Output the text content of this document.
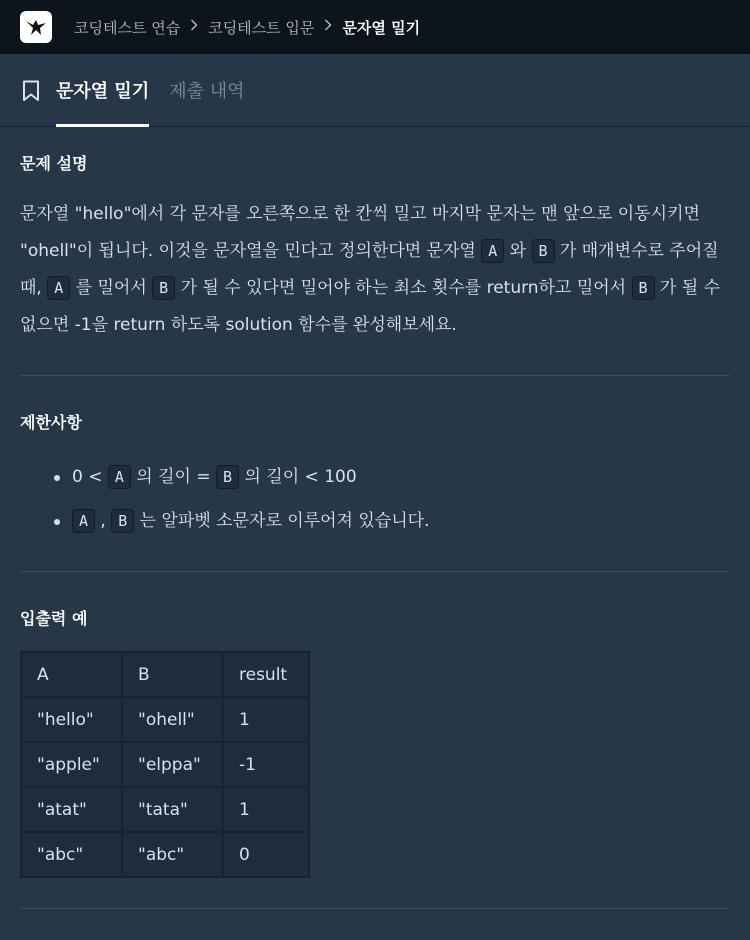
코딩테스트 연습 코딩테스트 입문 문자열 밀기
문자열 밀기 제출 내역
문제 설명
문자열 "hello"에서 각 문자를 오른쪽으로 한 칸씩 밀고 마지막 문자는 맨 앞으로 이동시키면 "ohell"이 됩니다. 이것을 문자열을 민다고 정의한다면 문자열 A 와 B 가 매개변수로 주어질 때, A 를 밀어서 B 가 될 수 있다면 밀어야 하는 최소 횟수를 return하고 밀어서 B 가 될 수 없으면 -1을 return 하도록 solution 함수를 완성해보세요.
제한사항
0 < A 의 길이 = B 의 길이 < 100
A , B 는 알파벳 소문자로 이루어져 있습니다.
입출력 예
A	B	result
"hello"	"ohell"	1
"apple"	"elppa"	-1
"atat"	"tata"	1
"abc"	"abc"	0
